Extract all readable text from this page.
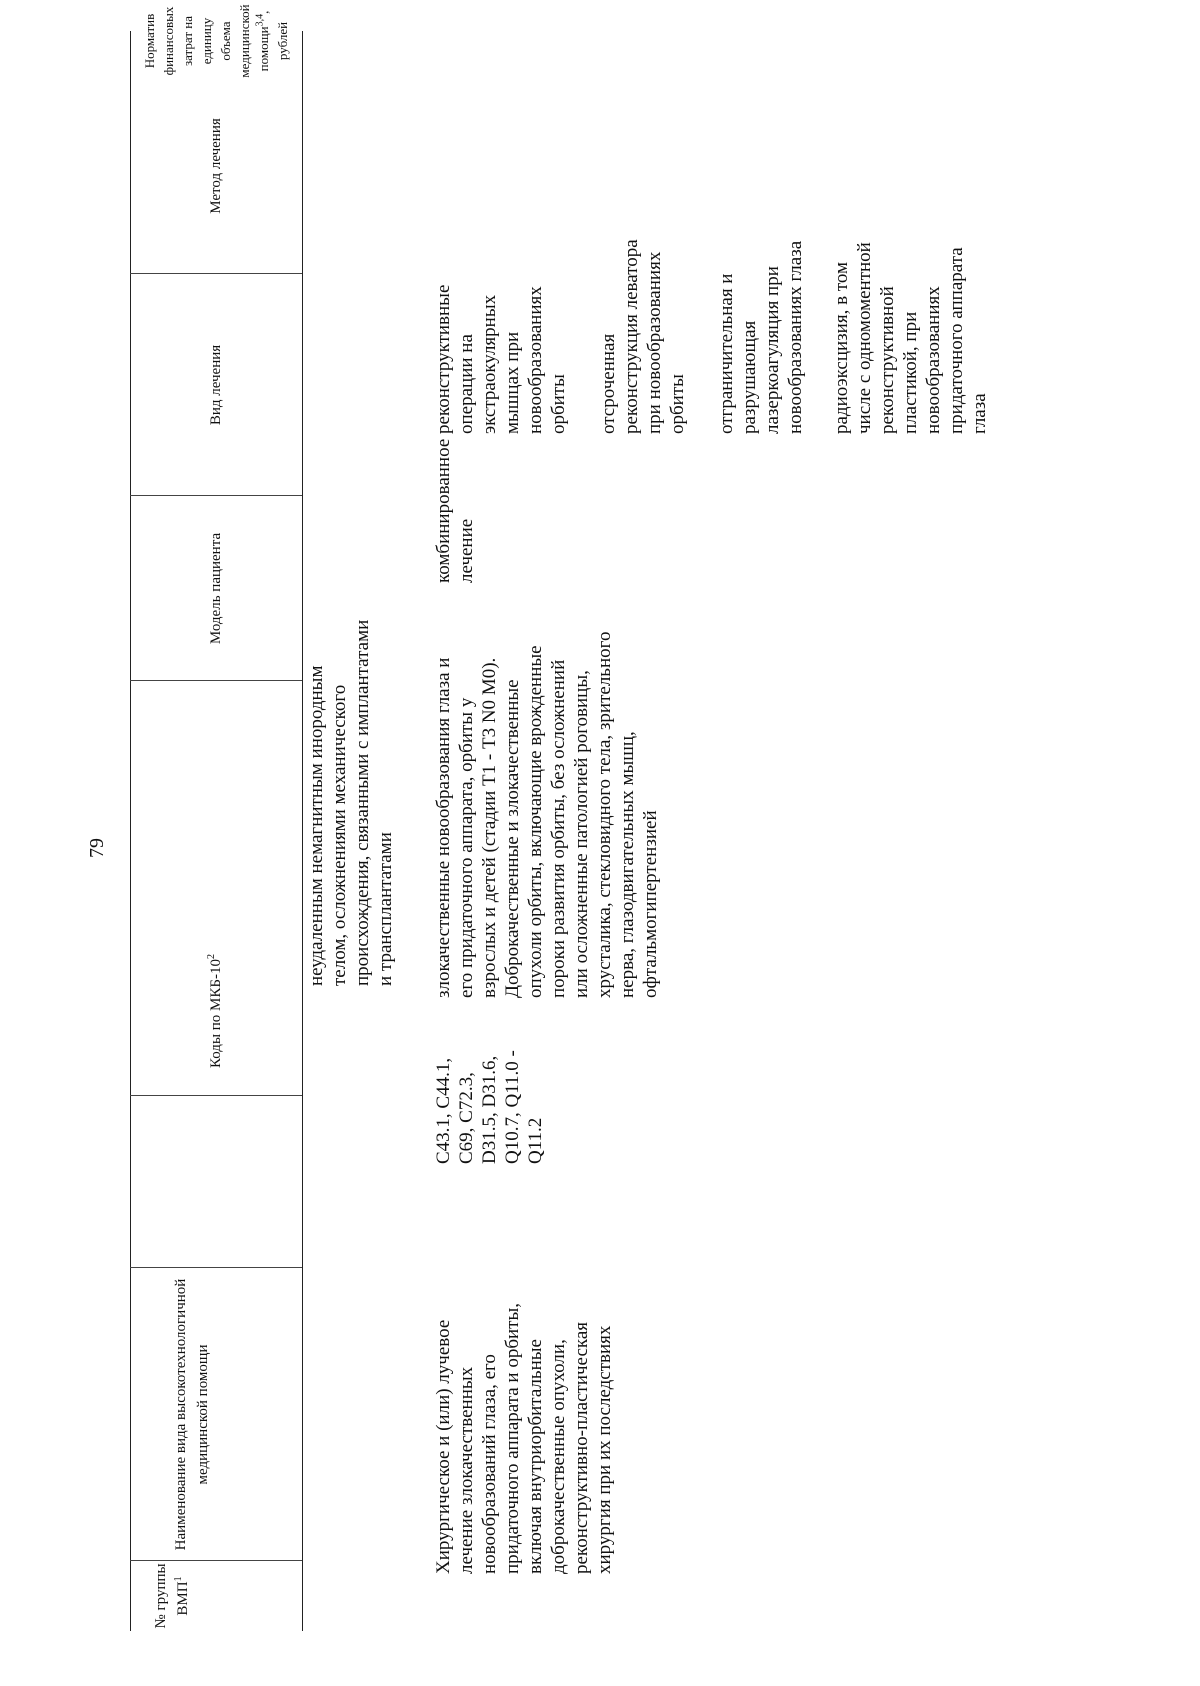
79
№ группы ВМП$^1$
Наименование вида высокотехнологичной медицинской помощи
Коды по МКБ-$10^2$
Модель пациента
Вид лечения
Метод лечения
Норматив финансовых затрат на единицу объема медицинской помощи$^{3,4}$, рублей
неудаленным немагнитным инородным
телом, осложнениями механического
происхождения, связанными с имплантатами
и трансплантатами
Хирургическое и (или) лучевое
лечение злокачественных
новообразований глаза, его
придаточного аппарата и орбиты,
включая внутриорбитальные
доброкачественные опухоли,
реконструктивно-пластическая
хирургия при их последствиях
С43.1, С44.1,
С69, С72.3,
D31.5, D31.6,
Q10.7, Q11.0 -
Q11.2
злокачественные новообразования глаза и
его придаточного аппарата, орбиты у
взрослых и детей (стадии Т1 - Т3 N0 М0).
Доброкачественные и злокачественные
опухоли орбиты, включающие врожденные
пороки развития орбиты, без осложнений
или осложненные патологией роговицы,
хрусталика, стекловидного тела, зрительного
нерва, глазодвигательных мышц,
офтальмогипертензией
комбинированное
лечение
реконструктивные
операции на
экстраокулярных
мышцах при
новообразованиях
орбиты отсроченная
реконструкция леватора
при новообразованиях
орбиты отграничительная и
разрушающая
лазеркоагуляция при
новообразованиях глаза
радиоэксцизия, в том
числе с одномоментной
реконструктивной
пластикой, при
новообразованиях
придаточного аппарата
глаза
